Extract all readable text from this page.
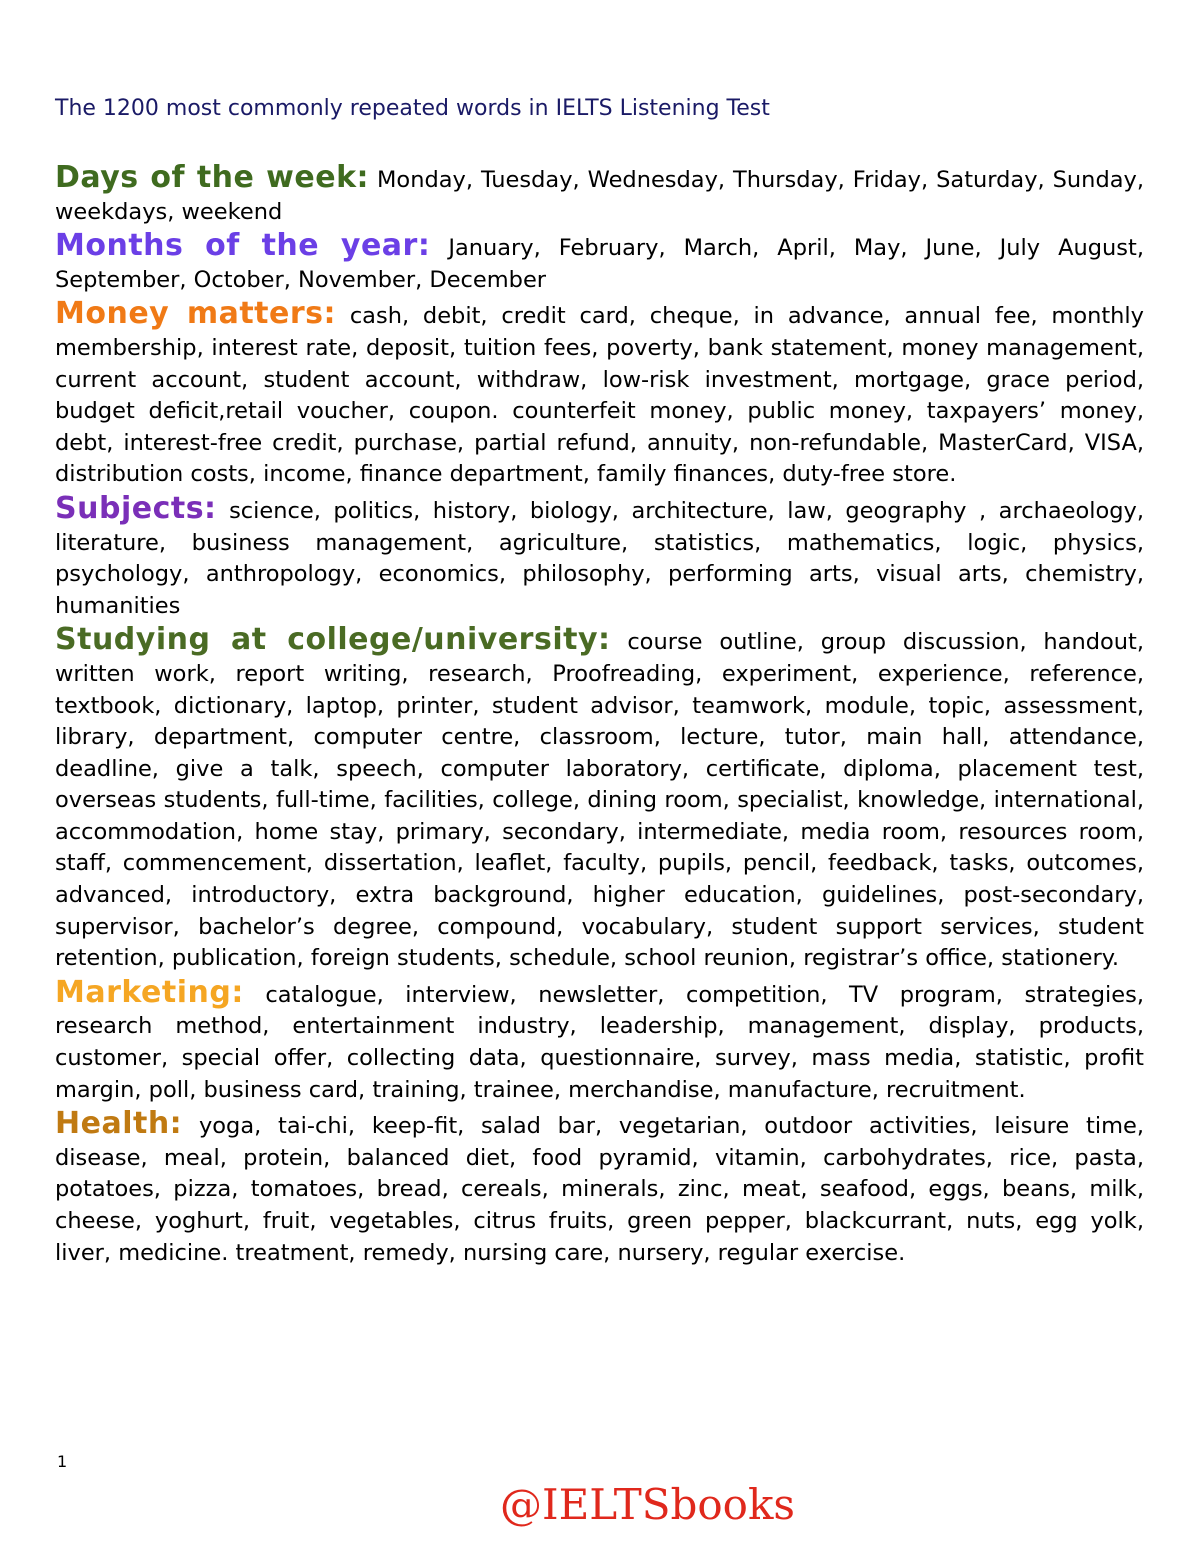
The 1200 most commonly repeated words in IELTS Listening Test

Days of the week: Monday, Tuesday, Wednesday, Thursday, Friday, Saturday, Sunday, weekdays, weekend

Months of the year: January, February, March, April, May, June, July August, September, October, November, December

Money matters: cash, debit, credit card, cheque, in advance, annual fee, monthly membership, interest rate, deposit, tuition fees, poverty, bank statement, money management, current account, student account, withdraw, low-risk investment, mortgage, grace period, budget deficit,retail voucher, coupon. counterfeit money, public money, taxpayers’ money, debt, interest-free credit, purchase, partial refund, annuity, non-refundable, MasterCard, VISA, distribution costs, income, finance department, family finances, duty-free store.

Subjects: science, politics, history, biology, architecture, law, geography , archaeology, literature, business management, agriculture, statistics, mathematics, logic, physics, psychology, anthropology, economics, philosophy, performing arts, visual arts, chemistry, humanities

Studying at college/university: course outline, group discussion, handout, written work, report writing, research, Proofreading, experiment, experience, reference, textbook, dictionary, laptop, printer, student advisor, teamwork, module, topic, assessment, library, department, computer centre, classroom, lecture, tutor, main hall, attendance, deadline, give a talk, speech, computer laboratory, certificate, diploma, placement test, overseas students, full-time, facilities, college, dining room, specialist, knowledge, international, accommodation, home stay, primary, secondary, intermediate, media room, resources room, staff, commencement, dissertation, leaflet, faculty, pupils, pencil, feedback, tasks, outcomes, advanced, introductory, extra background, higher education, guidelines, post-secondary, supervisor, bachelor’s degree, compound, vocabulary, student support services, student retention, publication, foreign students, schedule, school reunion, registrar’s office, stationery.

Marketing: catalogue, interview, newsletter, competition, TV program, strategies, research method, entertainment industry, leadership, management, display, products, customer, special offer, collecting data, questionnaire, survey, mass media, statistic, profit margin, poll, business card, training, trainee, merchandise, manufacture, recruitment.

Health: yoga, tai-chi, keep-fit, salad bar, vegetarian, outdoor activities, leisure time, disease, meal, protein, balanced diet, food pyramid, vitamin, carbohydrates, rice, pasta, potatoes, pizza, tomatoes, bread, cereals, minerals, zinc, meat, seafood, eggs, beans, milk, cheese, yoghurt, fruit, vegetables, citrus fruits, green pepper, blackcurrant, nuts, egg yolk, liver, medicine. treatment, remedy, nursing care, nursery, regular exercise.

1
@IELTSbooks
